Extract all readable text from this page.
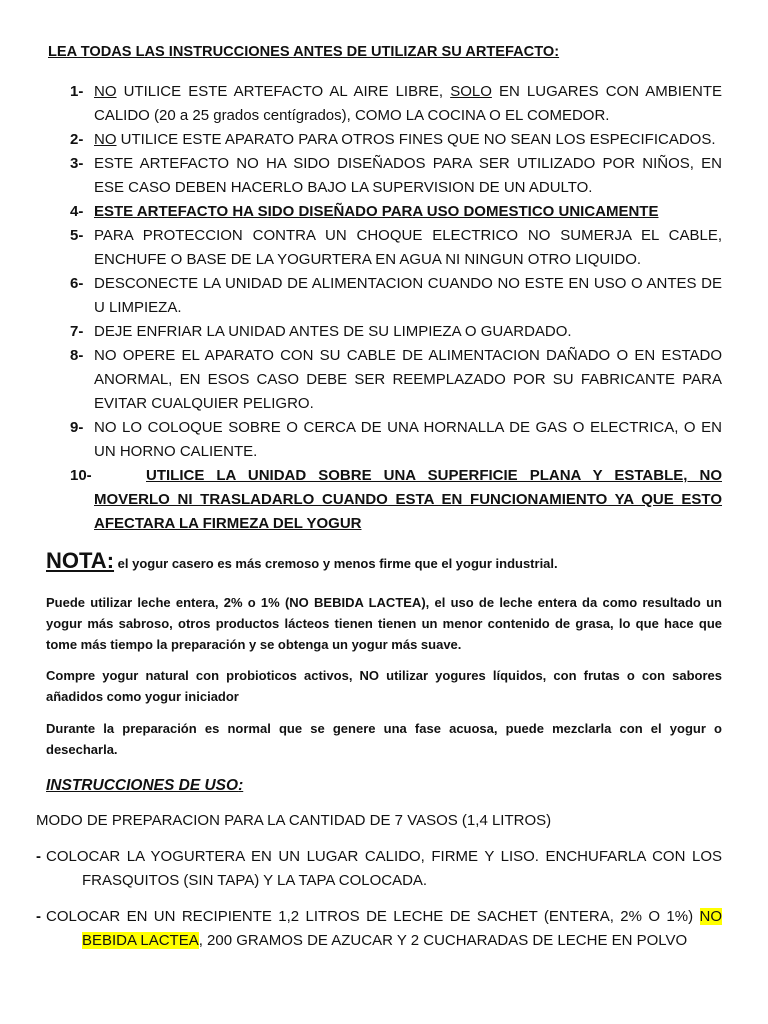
LEA TODAS LAS INSTRUCCIONES ANTES DE UTILIZAR SU ARTEFACTO:
1- NO UTILICE ESTE ARTEFACTO AL AIRE LIBRE, SOLO EN LUGARES CON AMBIENTE CALIDO (20 a 25 grados centígrados), COMO LA COCINA O EL COMEDOR.
2- NO UTILICE ESTE APARATO PARA OTROS FINES QUE NO SEAN LOS ESPECIFICADOS.
3- ESTE ARTEFACTO NO HA SIDO DISEÑADOS PARA SER UTILIZADO POR NIÑOS, EN ESE CASO DEBEN HACERLO BAJO LA SUPERVISION DE UN ADULTO.
4- ESTE ARTEFACTO HA SIDO DISEÑADO PARA USO DOMESTICO UNICAMENTE
5- PARA PROTECCION CONTRA UN CHOQUE ELECTRICO NO SUMERJA EL CABLE, ENCHUFE O BASE DE LA YOGURTERA EN AGUA NI NINGUN OTRO LIQUIDO.
6- DESCONECTE LA UNIDAD DE ALIMENTACION CUANDO NO ESTE EN USO O ANTES DE U LIMPIEZA.
7- DEJE ENFRIAR LA UNIDAD ANTES DE SU LIMPIEZA O GUARDADO.
8- NO OPERE EL APARATO CON SU CABLE DE ALIMENTACION DAÑADO O EN ESTADO ANORMAL, EN ESOS CASO DEBE SER REEMPLAZADO POR SU FABRICANTE PARA EVITAR CUALQUIER PELIGRO.
9- NO LO COLOQUE SOBRE O CERCA DE UNA HORNALLA DE GAS O ELECTRICA, O EN UN HORNO CALIENTE.
10-	UTILICE LA UNIDAD SOBRE UNA SUPERFICIE PLANA Y ESTABLE, NO MOVERLO NI TRASLADARLO CUANDO ESTA EN FUNCIONAMIENTO YA QUE ESTO AFECTARA LA FIRMEZA DEL YOGUR
NOTA: el yogur casero es más cremoso y menos firme que el yogur industrial.
Puede utilizar leche entera, 2% o 1% (NO BEBIDA LACTEA), el uso de leche entera da como resultado un yogur más sabroso, otros productos lácteos tienen tienen un menor contenido de grasa, lo que hace que tome más tiempo la preparación y se obtenga un yogur más suave.
Compre yogur natural con probioticos activos, NO utilizar yogures líquidos, con frutas o con sabores añadidos como yogur iniciador
Durante la preparación es normal que se genere una fase acuosa, puede mezclarla con el yogur o desecharla.
INSTRUCCIONES DE USO:
MODO DE PREPARACION PARA LA CANTIDAD DE 7 VASOS (1,4 LITROS)
- COLOCAR LA YOGURTERA EN UN LUGAR CALIDO, FIRME Y LISO. ENCHUFARLA CON LOS FRASQUITOS (SIN TAPA) Y LA TAPA COLOCADA.
- COLOCAR EN UN RECIPIENTE 1,2 LITROS DE LECHE DE SACHET (ENTERA, 2% O 1%) NO BEBIDA LACTEA, 200 GRAMOS DE AZUCAR Y 2 CUCHARADAS DE LECHE EN POLVO
